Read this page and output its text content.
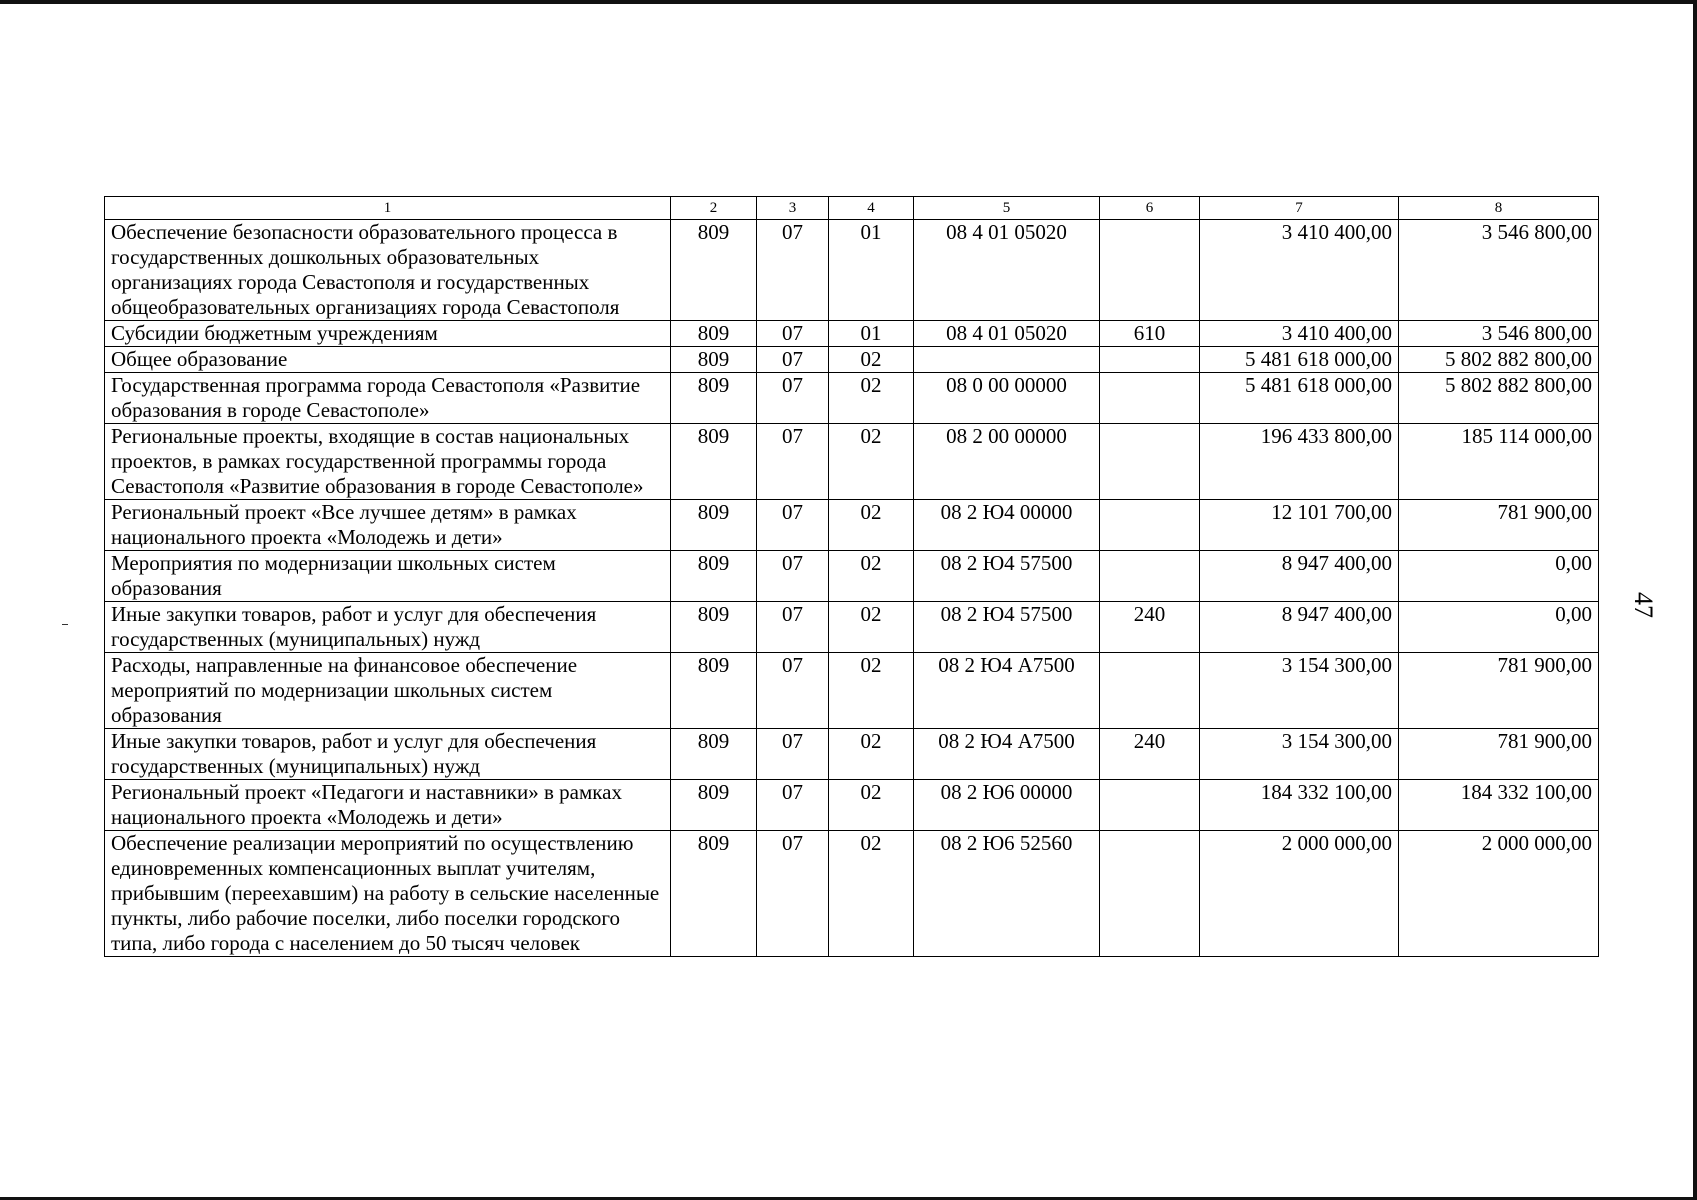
47
1	2	3	4	5	6	7	8
Обеспечение безопасности образовательного процесса в государственных дошкольных образовательных организациях города Севастополя и государственных общеобразовательных организациях города Севастополя	809	07	01	08 4 01 05020		3 410 400,00	3 546 800,00
Субсидии бюджетным учреждениям	809	07	01	08 4 01 05020	610	3 410 400,00	3 546 800,00
Общее образование	809	07	02			5 481 618 000,00	5 802 882 800,00
Государственная программа города Севастополя «Развитие образования в городе Севастополе»	809	07	02	08 0 00 00000		5 481 618 000,00	5 802 882 800,00
Региональные проекты, входящие в состав национальных проектов, в рамках государственной программы города Севастополя «Развитие образования в городе Севастополе»	809	07	02	08 2 00 00000		196 433 800,00	185 114 000,00
Региональный проект «Все лучшее детям» в рамках национального проекта «Молодежь и дети»	809	07	02	08 2 Ю4 00000		12 101 700,00	781 900,00
Мероприятия по модернизации школьных систем образования	809	07	02	08 2 Ю4 57500		8 947 400,00	0,00
Иные закупки товаров, работ и услуг для обеспечения государственных (муниципальных) нужд	809	07	02	08 2 Ю4 57500	240	8 947 400,00	0,00
Расходы, направленные на финансовое обеспечение мероприятий по модернизации школьных систем образования	809	07	02	08 2 Ю4 A7500		3 154 300,00	781 900,00
Иные закупки товаров, работ и услуг для обеспечения государственных (муниципальных) нужд	809	07	02	08 2 Ю4 A7500	240	3 154 300,00	781 900,00
Региональный проект «Педагоги и наставники» в рамках национального проекта «Молодежь и дети»	809	07	02	08 2 Ю6 00000		184 332 100,00	184 332 100,00
Обеспечение реализации мероприятий по осуществлению единовременных компенсационных выплат учителям, прибывшим (переехавшим) на работу в сельские населенные пункты, либо рабочие поселки, либо поселки городского типа, либо города с населением до 50 тысяч человек	809	07	02	08 2 Ю6 52560		2 000 000,00	2 000 000,00
